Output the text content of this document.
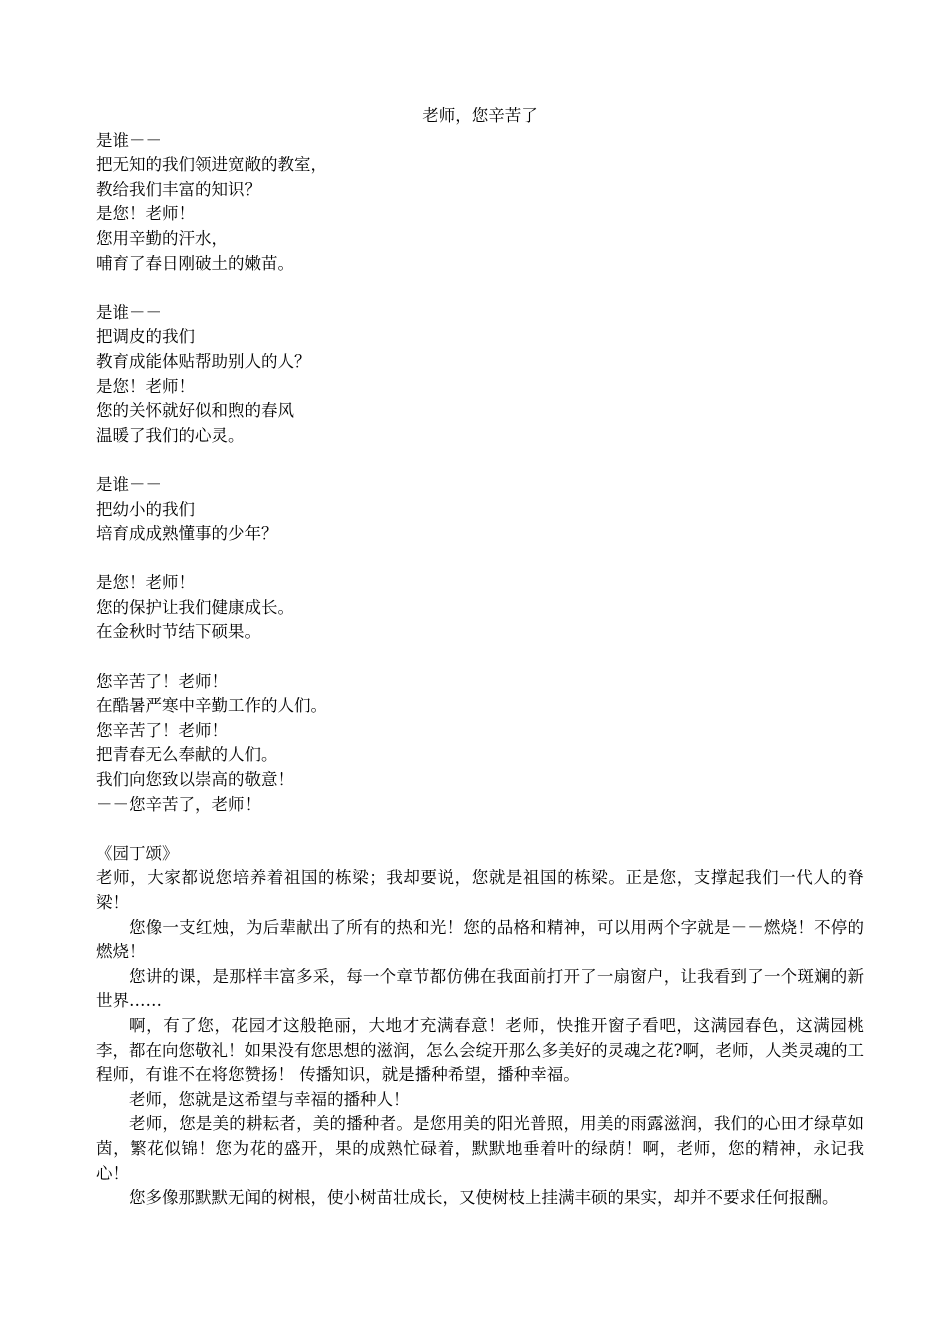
老师，您辛苦了
是谁－－
把无知的我们领进宽敞的教室，
教给我们丰富的知识？
是您！老师！
您用辛勤的汗水，
哺育了春日刚破土的嫩苗。
是谁－－
把调皮的我们
教育成能体贴帮助别人的人？
是您！老师！
您的关怀就好似和煦的春风
温暖了我们的心灵。
是谁－－
把幼小的我们
培育成成熟懂事的少年？
是您！老师！
您的保护让我们健康成长。
在金秋时节结下硕果。
您辛苦了！老师！
在酷暑严寒中辛勤工作的人们。
您辛苦了！老师！
把青春无么奉献的人们。
我们向您致以崇高的敬意！
－－您辛苦了，老师！
《园丁颂》
老师，大家都说您培养着祖国的栋梁；我却要说，您就是祖国的栋梁。正是您，支撑起我们一代人的脊梁！
您像一支红烛，为后辈献出了所有的热和光！您的品格和精神，可以用两个字就是－－燃烧！不停的燃烧！
您讲的课，是那样丰富多采，每一个章节都仿佛在我面前打开了一扇窗户，让我看到了一个斑斓的新世界……
啊，有了您，花园才这般艳丽，大地才充满春意！老师，快推开窗子看吧，这满园春色，这满园桃李，都在向您敬礼！如果没有您思想的滋润，怎么会绽开那么多美好的灵魂之花?啊，老师，人类灵魂的工程师，有谁不在将您赞扬！ 传播知识，就是播种希望，播种幸福。
老师，您就是这希望与幸福的播种人！
老师，您是美的耕耘者，美的播种者。是您用美的阳光普照，用美的雨露滋润，我们的心田才绿草如茵，繁花似锦！您为花的盛开，果的成熟忙碌着，默默地垂着叶的绿荫！啊，老师，您的精神，永记我心！
您多像那默默无闻的树根，使小树苗壮成长，又使树枝上挂满丰硕的果实，却并不要求任何报酬。
